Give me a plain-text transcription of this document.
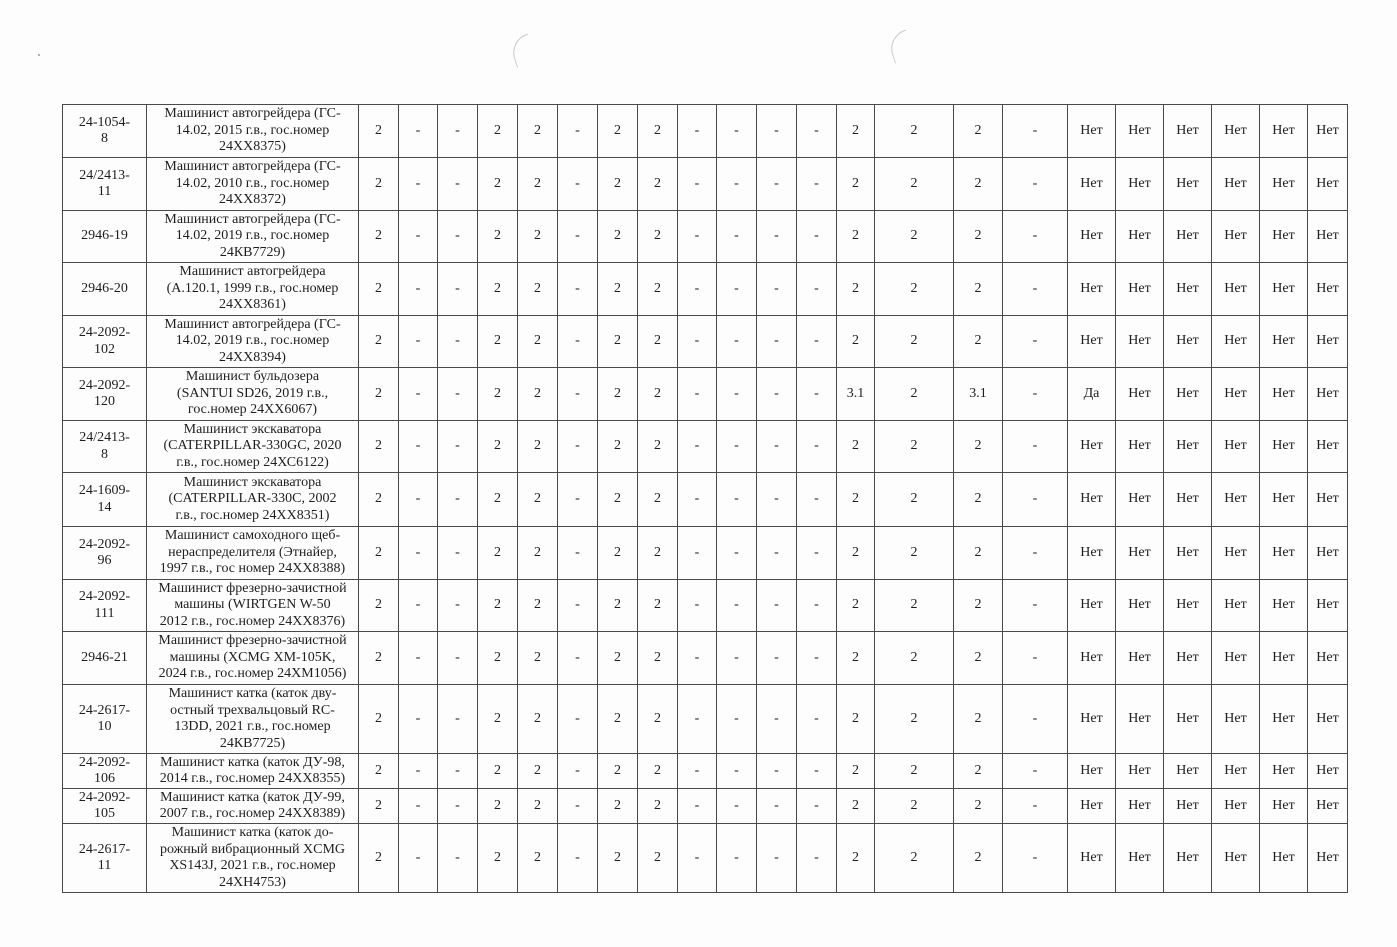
24-1054-
8	Машинист автогрейдера (ГС-
14.02, 2015 г.в., гос.номер
24ХХ8375)	2	-	-	2	2	-	2	2	-	-	-	-	2	2	2	-	Нет	Нет	Нет	Нет	Нет	Нет
24/2413-
11	Машинист автогрейдера (ГС-
14.02, 2010 г.в., гос.номер
24ХХ8372)	2	-	-	2	2	-	2	2	-	-	-	-	2	2	2	-	Нет	Нет	Нет	Нет	Нет	Нет
2946-19	Машинист автогрейдера (ГС-
14.02, 2019 г.в., гос.номер
24КВ7729)	2	-	-	2	2	-	2	2	-	-	-	-	2	2	2	-	Нет	Нет	Нет	Нет	Нет	Нет
2946-20	Машинист автогрейдера
(А.120.1, 1999 г.в., гос.номер
24ХХ8361)	2	-	-	2	2	-	2	2	-	-	-	-	2	2	2	-	Нет	Нет	Нет	Нет	Нет	Нет
24-2092-
102	Машинист автогрейдера (ГС-
14.02, 2019 г.в., гос.номер
24ХХ8394)	2	-	-	2	2	-	2	2	-	-	-	-	2	2	2	-	Нет	Нет	Нет	Нет	Нет	Нет
24-2092-
120	Машинист бульдозера
(SANTUI SD26, 2019 г.в.,
гос.номер 24ХХ6067)	2	-	-	2	2	-	2	2	-	-	-	-	3.1	2	3.1	-	Да	Нет	Нет	Нет	Нет	Нет
24/2413-
8	Машинист экскаватора
(CATERPILLAR-330GC, 2020
г.в., гос.номер 24ХС6122)	2	-	-	2	2	-	2	2	-	-	-	-	2	2	2	-	Нет	Нет	Нет	Нет	Нет	Нет
24-1609-
14	Машинист экскаватора
(CATERPILLAR-330C, 2002
г.в., гос.номер 24ХХ8351)	2	-	-	2	2	-	2	2	-	-	-	-	2	2	2	-	Нет	Нет	Нет	Нет	Нет	Нет
24-2092-
96	Машинист самоходного щеб-
нераспределителя (Этнайер,
1997 г.в., гос номер 24ХХ8388)	2	-	-	2	2	-	2	2	-	-	-	-	2	2	2	-	Нет	Нет	Нет	Нет	Нет	Нет
24-2092-
111	Машинист фрезерно-зачистной
машины (WIRTGEN W-50
2012 г.в., гос.номер 24ХХ8376)	2	-	-	2	2	-	2	2	-	-	-	-	2	2	2	-	Нет	Нет	Нет	Нет	Нет	Нет
2946-21	Машинист фрезерно-зачистной
машины (XCMG XM-105K,
2024 г.в., гос.номер 24ХМ1056)	2	-	-	2	2	-	2	2	-	-	-	-	2	2	2	-	Нет	Нет	Нет	Нет	Нет	Нет
24-2617-
10	Машинист катка (каток дву-
остный трехвальцовый RC-
13DD, 2021 г.в., гос.номер
24КВ7725)	2	-	-	2	2	-	2	2	-	-	-	-	2	2	2	-	Нет	Нет	Нет	Нет	Нет	Нет
24-2092-
106	Машинист катка (каток ДУ-98,
2014 г.в., гос.номер 24ХХ8355)	2	-	-	2	2	-	2	2	-	-	-	-	2	2	2	-	Нет	Нет	Нет	Нет	Нет	Нет
24-2092-
105	Машинист катка (каток ДУ-99,
2007 г.в., гос.номер 24ХХ8389)	2	-	-	2	2	-	2	2	-	-	-	-	2	2	2	-	Нет	Нет	Нет	Нет	Нет	Нет
24-2617-
11	Машинист катка (каток до-
рожный вибрационный XCMG
XS143J, 2021 г.в., гос.номер
24ХН4753)	2	-	-	2	2	-	2	2	-	-	-	-	2	2	2	-	Нет	Нет	Нет	Нет	Нет	Нет
